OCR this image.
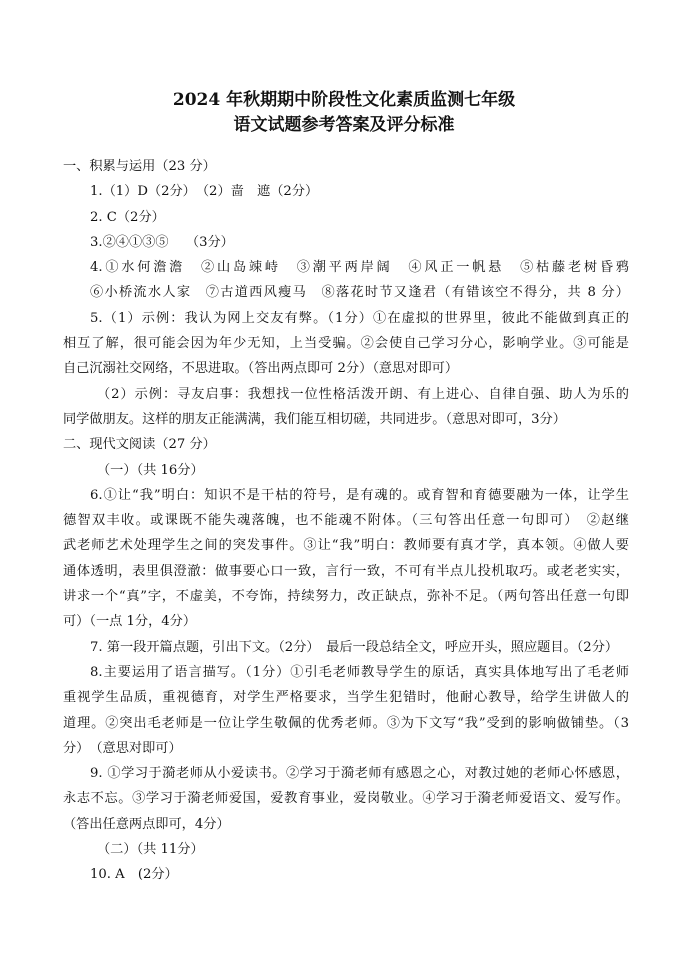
2024 年秋期期中阶段性文化素质监测七年级

语文试题参考答案及评分标准

一、积累与运用（23 分）
1.（1）D（2分）　（2）啬　遮（2分）
2. C（2分）
3.②④①③⑤　 （3分）
4.①水何澹澹　②山岛竦峙　③潮平两岸阔　④风正一帆悬　⑤枯藤老树昏鸦
⑥小桥流水人家　⑦古道西风瘦马　⑧落花时节又逢君（有错该空不得分，共 8 分）
5.（1）示例：我认为网上交友有弊。（1分）①在虚拟的世界里，彼此不能做到真正的
相互了解，很可能会因为年少无知，上当受骗。②会使自己学习分心，影响学业。③可能是
自己沉溺社交网络，不思进取。（答出两点即可 2分）（意思对即可）
（2）示例：寻友启事：我想找一位性格活泼开朗、有上进心、自律自强、助人为乐的
同学做朋友。这样的朋友正能满满，我们能互相切磋，共同进步。（意思对即可，3分）
二、现代文阅读（27 分）
（一）（共 16分）
6.①让“我”明白：知识不是干枯的符号，是有魂的。或育智和育德要融为一体，让学生
德智双丰收。或课既不能失魂落魄，也不能魂不附体。（三句答出任意一句即可）　②赵继
武老师艺术处理学生之间的突发事件。③让“我”明白：教师要有真才学，真本领。④做人要
通体透明，表里俱澄澈：做事要心口一致，言行一致，不可有半点儿投机取巧。或老老实实，
讲求一个“真”字，不虚美，不夸饰，持续努力，改正缺点，弥补不足。（两句答出任意一句即
可）（一点 1分，4分）
7. 第一段开篇点题，引出下文。（2分）　最后一段总结全文，呼应开头，照应题目。（2分）
8.主要运用了语言描写。（1分）①引毛老师教导学生的原话，真实具体地写出了毛老师
重视学生品质，重视德育，对学生严格要求，当学生犯错时，他耐心教导，给学生讲做人的
道理。②突出毛老师是一位让学生敬佩的优秀老师。③为下文写“我”受到的影响做铺垫。（3
分）　（意思对即可）
9. ①学习于漪老师从小爱读书。②学习于漪老师有感恩之心，对教过她的老师心怀感恩，
永志不忘。③学习于漪老师爱国，爱教育事业，爱岗敬业。④学习于漪老师爱语文、爱写作。
（答出任意两点即可，4分）
（二）（共 11分）
10. A　(2分）
